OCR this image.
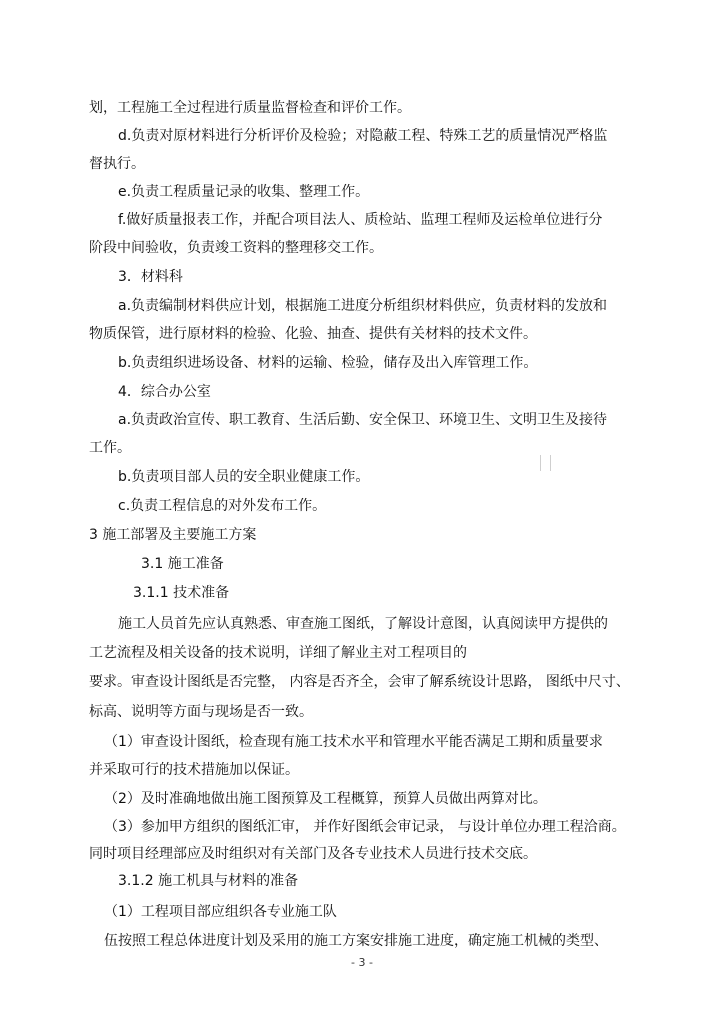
划，工程施工全过程进行质量监督检查和评价工作。

d.负责对原材料进行分析评价及检验；对隐蔽工程、特殊工艺的质量情况严格监

督执行。

e.负责工程质量记录的收集、整理工作。

f.做好质量报表工作，并配合项目法人、质检站、监理工程师及运检单位进行分

阶段中间验收，负责竣工资料的整理移交工作。

3．材料科

a.负责编制材料供应计划，根据施工进度分析组织材料供应，负责材料的发放和

物质保管，进行原材料的检验、化验、抽查、提供有关材料的技术文件。

b.负责组织进场设备、材料的运输、检验，储存及出入库管理工作。

4．综合办公室

a.负责政治宣传、职工教育、生活后勤、安全保卫、环境卫生、文明卫生及接待

工作。

b.负责项目部人员的安全职业健康工作。

c.负责工程信息的对外发布工作。

3 施工部署及主要施工方案

3.1 施工准备

3.1.1 技术准备

施工人员首先应认真熟悉、审查施工图纸，了解设计意图，认真阅读甲方提供的

工艺流程及相关设备的技术说明，详细了解业主对工程项目的

要求。审查设计图纸是否完整， 内容是否齐全，会审了解系统设计思路， 图纸中尺寸、

标高、说明等方面与现场是否一致。

（1）审查设计图纸，检查现有施工技术水平和管理水平能否满足工期和质量要求

并采取可行的技术措施加以保证。

（2）及时准确地做出施工图预算及工程概算，预算人员做出两算对比。

（3）参加甲方组织的图纸汇审， 并作好图纸会审记录， 与设计单位办理工程洽商。

同时项目经理部应及时组织对有关部门及各专业技术人员进行技术交底。

3.1.2 施工机具与材料的准备

（1）工程项目部应组织各专业施工队

伍按照工程总体进度计划及采用的施工方案安排施工进度，确定施工机械的类型、

- 3 -
